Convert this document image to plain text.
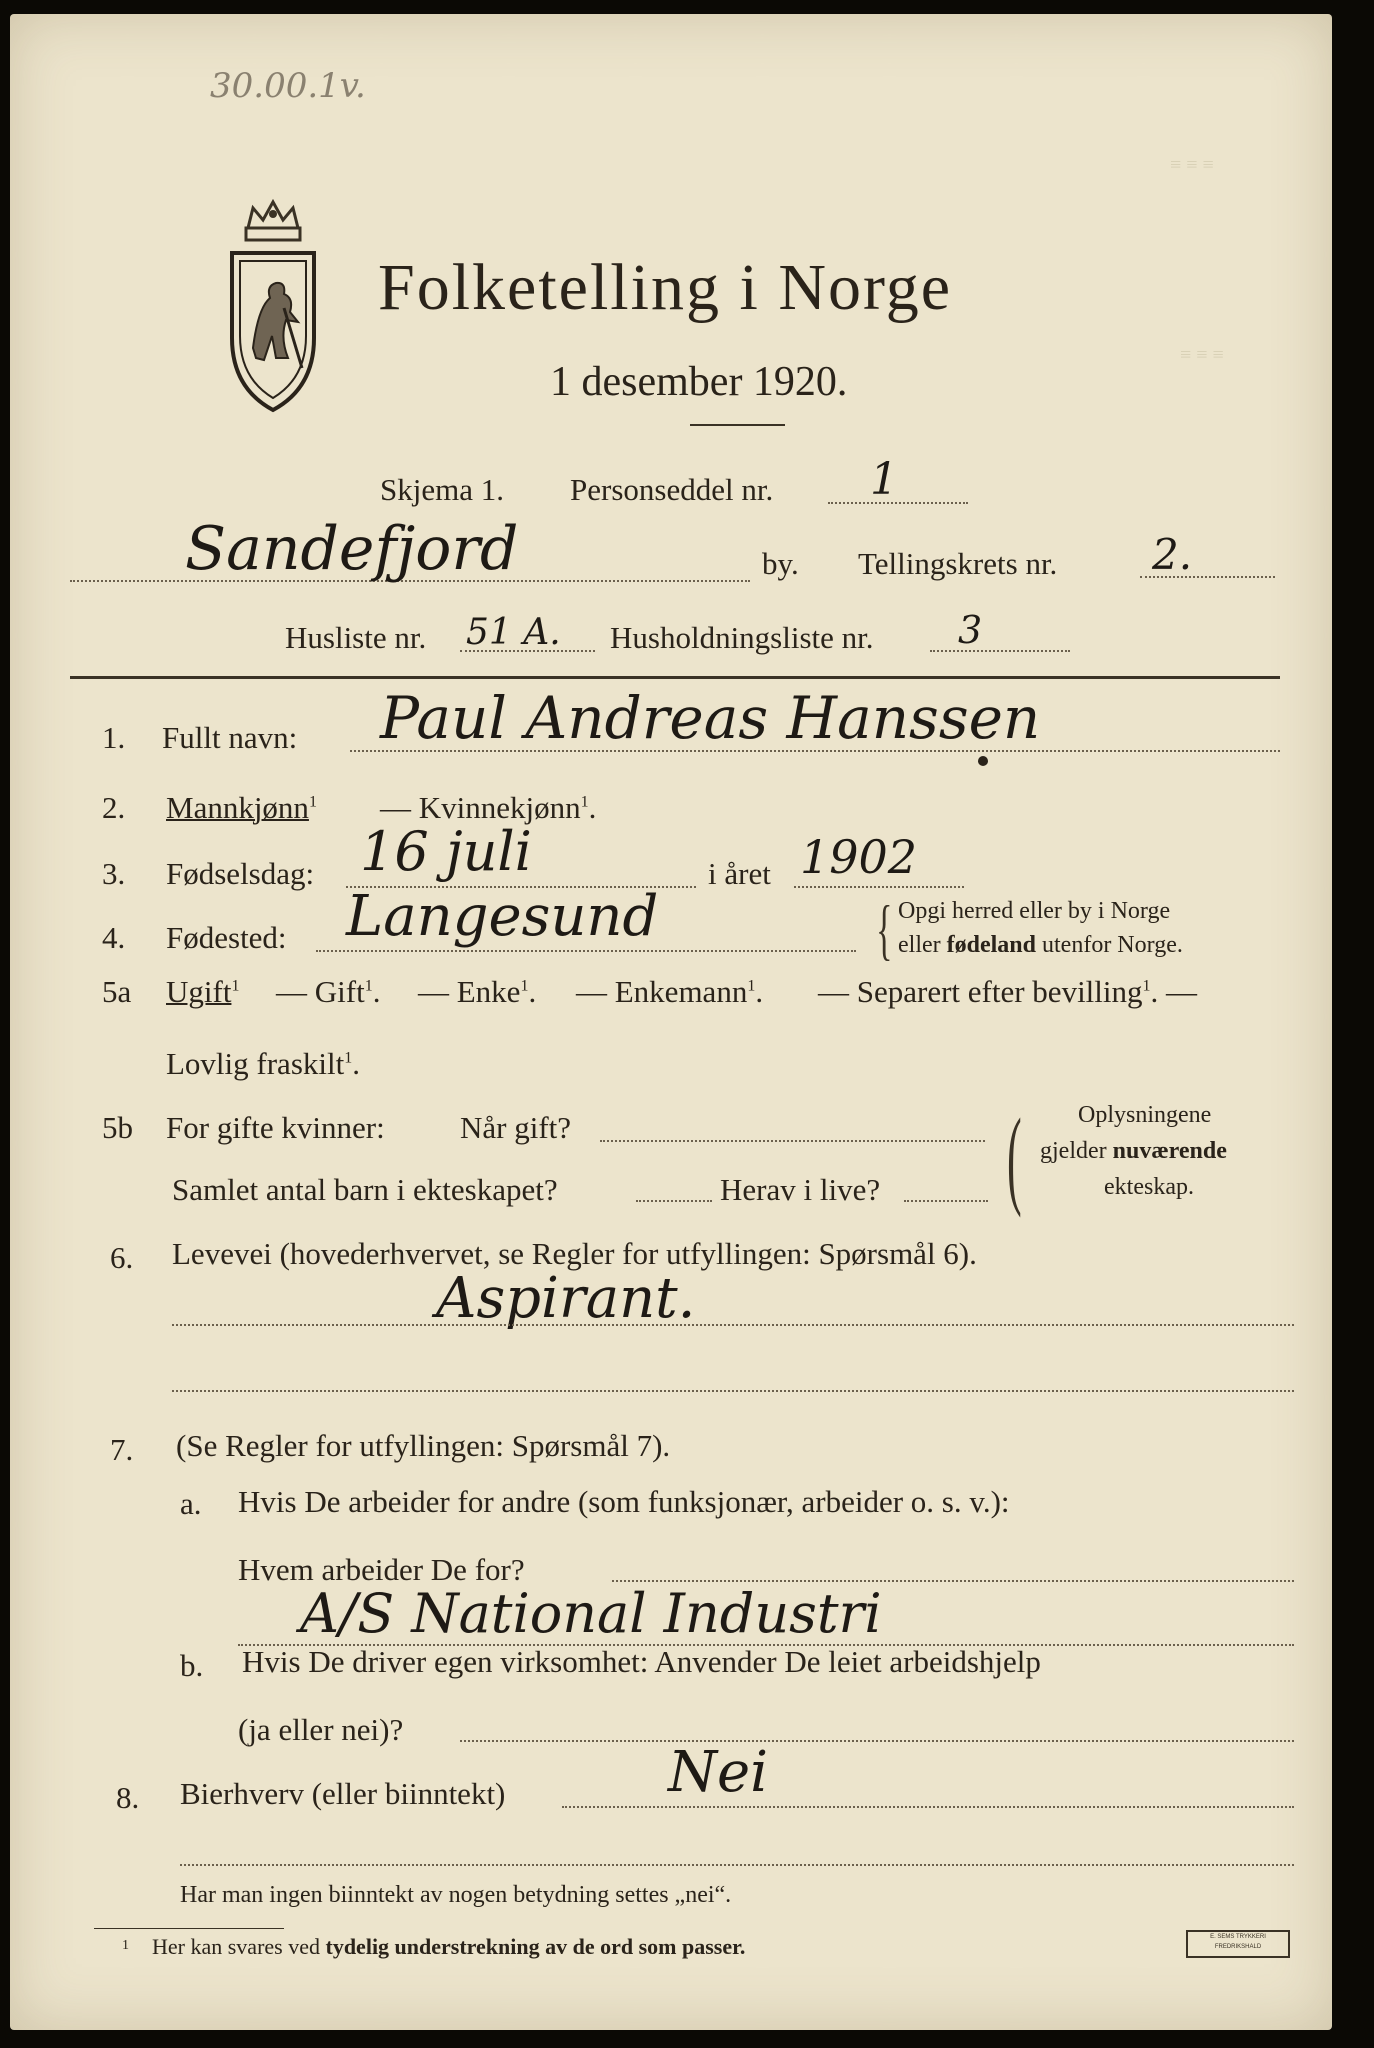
≡ ≡ ≡
≡ ≡ ≡
30.00.1v.
Folketelling i Norge
1 desember 1920.
Skjema 1. Personseddel nr. 1
Sandefjord	by. Tellingskrets nr. 2.
Husliste nr. 51 A. Husholdningsliste nr. 3
1. Fullt navn: Paul Andreas Hanssen
2. Mannkjønn$^1$ — Kvinnekjønn$^1$.
3. Fødselsdag: 16 juli	i året 1902
4. Fødested: Langesund	{ Opgi herred eller by i Norge
eller fødeland utenfor Norge.
5a Ugift$^1$ — Gift$^1$. — Enke$^1$. — Enkemann$^1$. — Separert efter bevilling$^1$. —
Lovlig fraskilt$^1$.
5b For gifte kvinner: Når gift?
Samlet antal barn i ekteskapet?	Herav i live? ( Oplysningene
gjelder nuværende
ekteskap.
6. Levevei (hovederhvervet, se Regler for utfyllingen: Spørsmål 6).
Aspirant.
7. (Se Regler for utfyllingen: Spørsmål 7).
a. Hvis De arbeider for andre (som funksjonær, arbeider o. s. v.):
Hvem arbeider De for?
A/S National Industri
b. Hvis De driver egen virksomhet: Anvender De leiet arbeidshjelp
(ja eller nei)?
8. Bierhverv (eller biinntekt)	Nei
Har man ingen biinntekt av nogen betydning settes „nei“.
1 Her kan svares ved tydelig understrekning av de ord som passer.	E. SEMS TRYKKERI
FREDRIKSHALD
